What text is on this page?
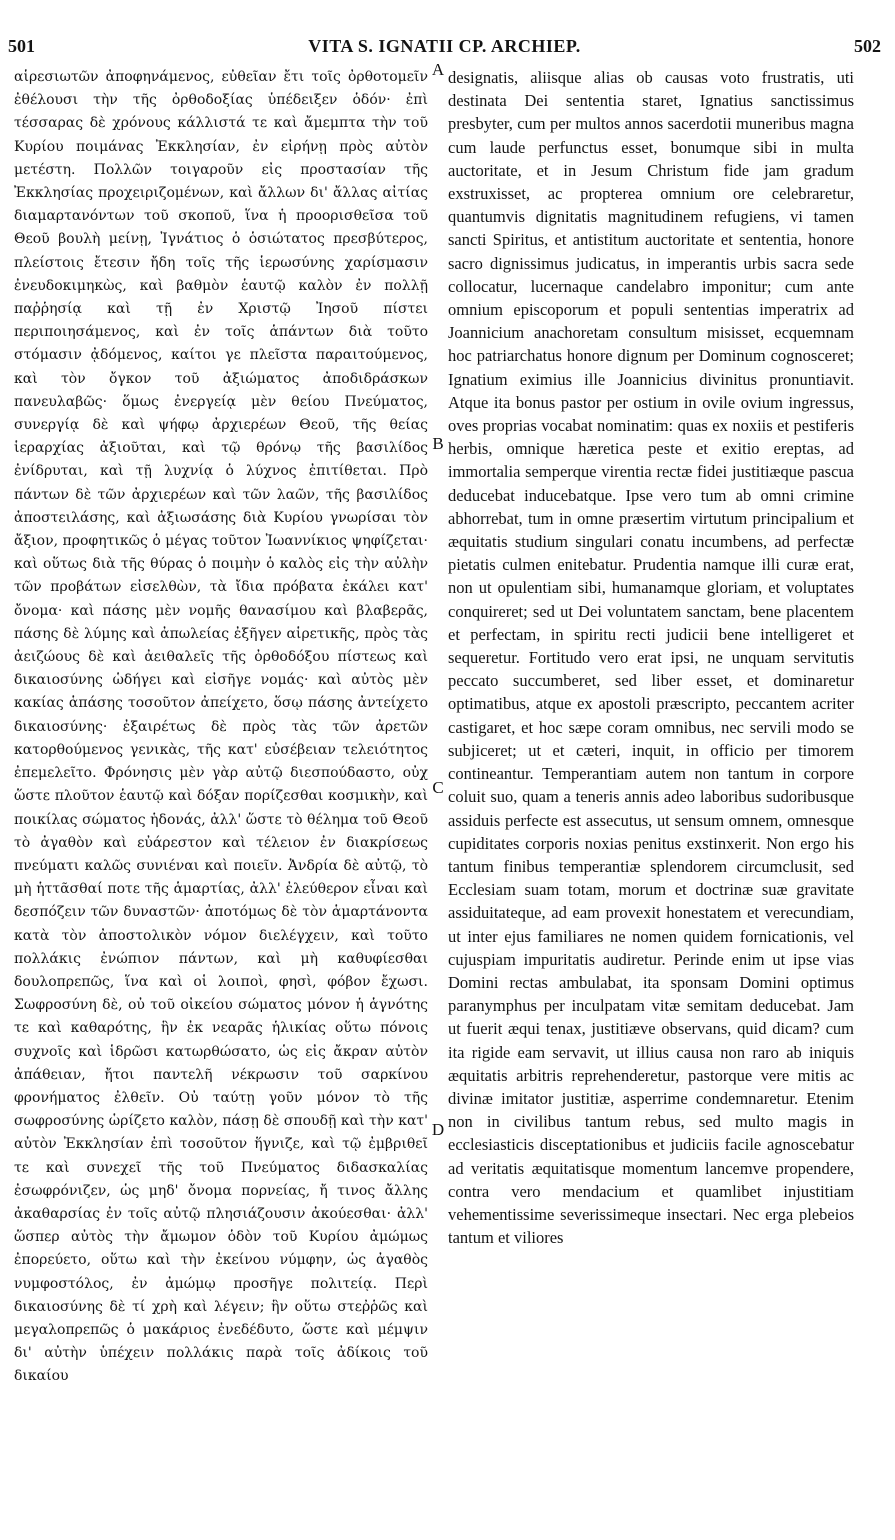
501	VITA S. IGNATII CP. ARCHIEP.	502

αἱρεσιωτῶν ἀποφηνάμενος, εὐθεῖαν ἔτι τοῖς ὀρθοτομεῖν ἐθέλουσι τὴν τῆς ὀρθοδοξίας ὑπέδειξεν ὁδόν· ἐπὶ τέσσαρας δὲ χρόνους κάλλιστά τε καὶ ἄμεμπτα τὴν τοῦ Κυρίου ποιμάνας Ἐκκλησίαν, ἐν εἰρήνῃ πρὸς αὐτὸν μετέστη. Πολλῶν τοιγαροῦν εἰς προστασίαν τῆς Ἐκκλησίας προχειριζομένων, καὶ ἄλλων δι' ἄλλας αἰτίας διαμαρτανόντων τοῦ σκοποῦ, ἵνα ἡ προορισθεῖσα τοῦ Θεοῦ βουλὴ μείνῃ, Ἰγνάτιος ὁ ὁσιώτατος πρεσβύτερος, πλείστοις ἔτεσιν ἤδη τοῖς τῆς ἱερωσύνης χαρίσμασιν ἐνευδοκιμηκὼς, καὶ βαθμὸν ἑαυτῷ καλὸν ἐν πολλῇ παῤῥησίᾳ καὶ τῇ ἐν Χριστῷ Ἰησοῦ πίστει περιποιησάμενος, καὶ ἐν τοῖς ἁπάντων διὰ τοῦτο στόμασιν ᾀδόμενος, καίτοι γε πλεῖστα παραιτούμενος, καὶ τὸν ὄγκον τοῦ ἀξιώματος ἀποδιδράσκων πανευλαβῶς· ὅμως ἐνεργείᾳ μὲν θείου Πνεύματος, συνεργίᾳ δὲ καὶ ψήφῳ ἀρχιερέων Θεοῦ, τῆς θείας ἱεραρχίας ἀξιοῦται, καὶ τῷ θρόνῳ τῆς βασιλίδος ἐνίδρυται, καὶ τῇ λυχνίᾳ ὁ λύχνος ἐπιτίθεται. Πρὸ πάντων δὲ τῶν ἀρχιερέων καὶ τῶν λαῶν, τῆς βασιλίδος ἀποστειλάσης, καὶ ἀξιωσάσης διὰ Κυρίου γνωρίσαι τὸν ἄξιον, προφητικῶς ὁ μέγας τοῦτον Ἰωαννίκιος ψηφίζεται· καὶ οὕτως διὰ τῆς θύρας ὁ ποιμὴν ὁ καλὸς εἰς τὴν αὐλὴν τῶν προβάτων εἰσελθὼν, τὰ ἴδια πρόβατα ἐκάλει κατ' ὄνομα· καὶ πάσης μὲν νομῆς θανασίμου καὶ βλαβερᾶς, πάσης δὲ λύμης καὶ ἀπωλείας ἐξῆγεν αἱρετικῆς, πρὸς τὰς ἀειζώους δὲ καὶ ἀειθαλεῖς τῆς ὀρθοδόξου πίστεως καὶ δικαιοσύνης ὡδήγει καὶ εἰσῆγε νομάς· καὶ αὐτὸς μὲν κακίας ἁπάσης τοσοῦτον ἀπείχετο, ὅσῳ πάσης ἀντείχετο δικαιοσύνης· ἐξαιρέτως δὲ πρὸς τὰς τῶν ἀρετῶν κατορθούμενος γενικὰς, τῆς κατ' εὐσέβειαν τελειότητος ἐπεμελεῖτο. Φρόνησις μὲν γὰρ αὐτῷ διεσπούδαστο, οὐχ ὥστε πλοῦτον ἑαυτῷ καὶ δόξαν πορίζεσθαι κοσμικὴν, καὶ ποικίλας σώματος ἡδονάς, ἀλλ' ὥστε τὸ θέλημα τοῦ Θεοῦ τὸ ἀγαθὸν καὶ εὐάρεστον καὶ τέλειον ἐν διακρίσεως πνεύματι καλῶς συνιέναι καὶ ποιεῖν. Ἀνδρία δὲ αὐτῷ, τὸ μὴ ἡττᾶσθαί ποτε τῆς ἁμαρτίας, ἀλλ' ἐλεύθερον εἶναι καὶ δεσπόζειν τῶν δυναστῶν· ἀποτόμως δὲ τὸν ἁμαρτάνοντα κατὰ τὸν ἀποστολικὸν νόμον διελέγχειν, καὶ τοῦτο πολλάκις ἐνώπιον πάντων, καὶ μὴ καθυφίεσθαι δουλοπρεπῶς, ἵνα καὶ οἱ λοιποὶ, φησὶ, φόβον ἔχωσι. Σωφροσύνη δὲ, οὐ τοῦ οἰκείου σώματος μόνον ἡ ἁγνότης τε καὶ καθαρότης, ἣν ἐκ νεαρᾶς ἡλικίας οὕτω πόνοις συχνοῖς καὶ ἱδρῶσι κατωρθώσατο, ὡς εἰς ἄκραν αὐτὸν ἀπάθειαν, ἤτοι παντελῆ νέκρωσιν τοῦ σαρκίνου φρονήματος ἐλθεῖν. Οὐ ταύτῃ γοῦν μόνον τὸ τῆς σωφροσύνης ὡρίζετο καλὸν, πάσῃ δὲ σπουδῇ καὶ τὴν κατ' αὐτὸν Ἐκκλησίαν ἐπὶ τοσοῦτον ἥγνιζε, καὶ τῷ ἐμβριθεῖ τε καὶ συνεχεῖ τῆς τοῦ Πνεύματος διδασκαλίας ἐσωφρόνιζεν, ὡς μηδ' ὄνομα πορνείας, ἤ τινος ἄλλης ἀκαθαρσίας ἐν τοῖς αὐτῷ πλησιάζουσιν ἀκούεσθαι· ἀλλ' ὥσπερ αὐτὸς τὴν ἄμωμον ὁδὸν τοῦ Κυρίου ἀμώμως ἐπορεύετο, οὕτω καὶ τὴν ἐκείνου νύμφην, ὡς ἀγαθὸς νυμφοστόλος, ἐν ἀμώμῳ προσῆγε πολιτείᾳ. Περὶ δικαιοσύνης δὲ τί χρὴ καὶ λέγειν; ἣν οὕτω στεῤῥῶς καὶ μεγαλοπρεπῶς ὁ μακάριος ἐνεδέδυτο, ὥστε καὶ μέμψιν δι' αὐτὴν ὑπέχειν πολλάκις παρὰ τοῖς ἀδίκοις τοῦ δικαίου

A
B
C
D

designatis, aliisque alias ob causas voto frustratis, uti destinata Dei sententia staret, Ignatius sanctissimus presbyter, cum per multos annos sacerdotii muneribus magna cum laude perfunctus esset, bonumque sibi in multa auctoritate, et in Jesum Christum fide jam gradum exstruxisset, ac propterea omnium ore celebraretur, quantumvis dignitatis magnitudinem refugiens, vi tamen sancti Spiritus, et antistitum auctoritate et sententia, honore sacro dignissimus judicatus, in imperantis urbis sacra sede collocatur, lucernaque candelabro imponitur; cum ante omnium episcoporum et populi sententias imperatrix ad Joannicium anachoretam consultum misisset, ecquemnam hoc patriarchatus honore dignum per Dominum cognosceret; Ignatium eximius ille Joannicius divinitus pronuntiavit. Atque ita bonus pastor per ostium in ovile ovium ingressus, oves proprias vocabat nominatim: quas ex noxiis et pestiferis herbis, omnique hæretica peste et exitio ereptas, ad immortalia semperque virentia rectæ fidei justitiæque pascua deducebat inducebatque. Ipse vero tum ab omni crimine abhorrebat, tum in omne præsertim virtutum principalium et æquitatis studium singulari conatu incumbens, ad perfectæ pietatis culmen enitebatur. Prudentia namque illi curæ erat, non ut opulentiam sibi, humanamque gloriam, et voluptates conquireret; sed ut Dei voluntatem sanctam, bene placentem et perfectam, in spiritu recti judicii bene intelligeret et sequeretur. Fortitudo vero erat ipsi, ne unquam servitutis peccato succumberet, sed liber esset, et dominaretur optimatibus, atque ex apostoli præscripto, peccantem acriter castigaret, et hoc sæpe coram omnibus, nec servili modo se subjiceret; ut et cæteri, inquit, in officio per timorem contineantur. Temperantiam autem non tantum in corpore coluit suo, quam a teneris annis adeo laboribus sudoribusque assiduis perfecte est assecutus, ut sensum omnem, omnesque cupiditates corporis noxias penitus exstinxerit. Non ergo his tantum finibus temperantiæ splendorem circumclusit, sed Ecclesiam suam totam, morum et doctrinæ suæ gravitate assiduitateque, ad eam provexit honestatem et verecundiam, ut inter ejus familiares ne nomen quidem fornicationis, vel cujuspiam impuritatis audiretur. Perinde enim ut ipse vias Domini rectas ambulabat, ita sponsam Domini optimus paranymphus per inculpatam vitæ semitam deducebat. Jam ut fuerit æqui tenax, justitiæve observans, quid dicam? cum ita rigide eam servavit, ut illius causa non raro ab iniquis æquitatis arbitris reprehenderetur, pastorque vere mitis ac divinæ imitator justitiæ, asperrime condemnaretur. Etenim non in civilibus tantum rebus, sed multo magis in ecclesiasticis disceptationibus et judiciis facile agnoscebatur ad veritatis æquitatisque momentum lancemve propendere, contra vero mendacium et quamlibet injustitiam vehementissime severissimeque insectari. Nec erga plebeios tantum et viliores
